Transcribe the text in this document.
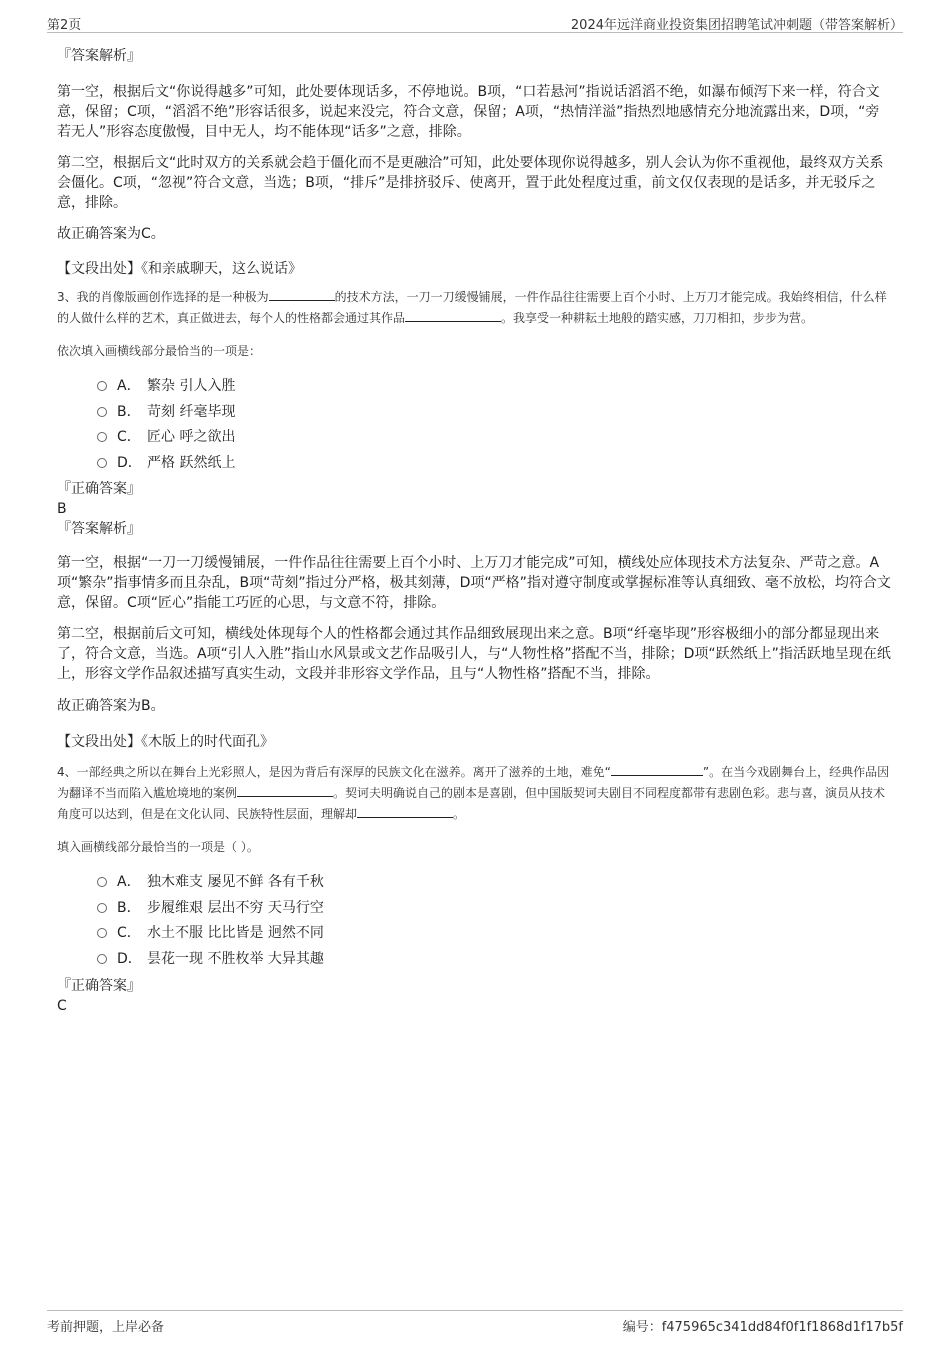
第2页	2024年远洋商业投资集团招聘笔试冲刺题（带答案解析）

『答案解析』

第一空，根据后文“你说得越多”可知，此处要体现话多，不停地说。B项，“口若悬河”指说话滔滔不绝，如瀑布倾泻下来一样，符合文意，保留；C项，“滔滔不绝”形容话很多，说起来没完，符合文意，保留；A项，“热情洋溢”指热烈地感情充分地流露出来，D项，“旁若无人”形容态度傲慢，目中无人，均不能体现“话多”之意，排除。

第二空，根据后文“此时双方的关系就会趋于僵化而不是更融洽”可知，此处要体现你说得越多，别人会认为你不重视他，最终双方关系会僵化。C项，“忽视”符合文意，当选；B项，“排斥”是排挤驳斥、使离开，置于此处程度过重，前文仅仅表现的是话多，并无驳斥之意，排除。

故正确答案为C。

【文段出处】《和亲戚聊天，这么说话》

3、我的肖像版画创作选择的是一种极为	的技术方法，一刀一刀缓慢铺展，一件作品往往需要上百个小时、上万刀才能完成。我始终相信，什么样的人做什么样的艺术，真正做进去，每个人的性格都会通过其作品	。我享受一种耕耘土地般的踏实感，刀刀相扣，步步为营。

依次填入画横线部分最恰当的一项是：

A． 繁杂 引人入胜
B． 苛刻 纤毫毕现
C． 匠心 呼之欲出
D． 严格 跃然纸上

『正确答案』

B

『答案解析』

第一空，根据“一刀一刀缓慢铺展，一件作品往往需要上百个小时、上万刀才能完成”可知，横线处应体现技术方法复杂、严苛之意。A项“繁杂”指事情多而且杂乱，B项“苛刻”指过分严格，极其刻薄，D项“严格”指对遵守制度或掌握标准等认真细致、毫不放松，均符合文意，保留。C项“匠心”指能工巧匠的心思，与文意不符，排除。

第二空，根据前后文可知，横线处体现每个人的性格都会通过其作品细致展现出来之意。B项“纤毫毕现”形容极细小的部分都显现出来了，符合文意，当选。A项“引人入胜”指山水风景或文艺作品吸引人，与“人物性格”搭配不当，排除；D项“跃然纸上”指活跃地呈现在纸上，形容文学作品叙述描写真实生动，文段并非形容文学作品，且与“人物性格”搭配不当，排除。

故正确答案为B。

【文段出处】《木版上的时代面孔》

4、一部经典之所以在舞台上光彩照人，是因为背后有深厚的民族文化在滋养。离开了滋养的土地，难免“	”。在当今戏剧舞台上，经典作品因为翻译不当而陷入尴尬境地的案例	。契诃夫明确说自己的剧本是喜剧，但中国版契诃夫剧目不同程度都带有悲剧色彩。悲与喜，演员从技术角度可以达到，但是在文化认同、民族特性层面，理解却	。

填入画横线部分最恰当的一项是（ ）。

A． 独木难支 屡见不鲜 各有千秋
B． 步履维艰 层出不穷 天马行空
C． 水土不服 比比皆是 迥然不同
D． 昙花一现 不胜枚举 大异其趣

『正确答案』

C

考前押题，上岸必备	编号：f475965c341dd84f0f1f1868d1f17b5f
